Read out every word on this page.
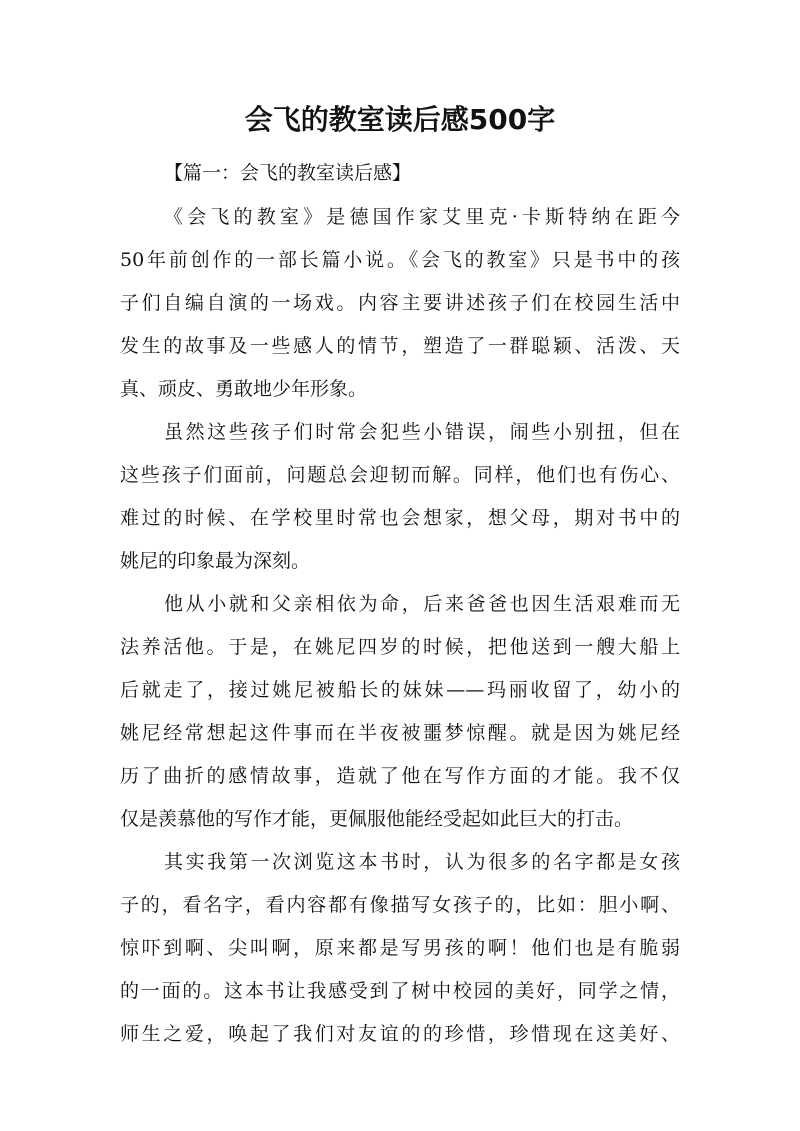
会飞的教室读后感500字
【篇一：会飞的教室读后感】

《会飞的教室》是德国作家艾里克·卡斯特纳在距今
50年前创作的一部长篇小说。《会飞的教室》只是书中的孩
子们自编自演的一场戏。内容主要讲述孩子们在校园生活中
发生的故事及一些感人的情节，塑造了一群聪颖、活泼、天
真、顽皮、勇敢地少年形象。

虽然这些孩子们时常会犯些小错误，闹些小别扭，但在
这些孩子们面前，问题总会迎韧而解。同样，他们也有伤心、
难过的时候、在学校里时常也会想家，想父母，期对书中的
姚尼的印象最为深刻。

他从小就和父亲相依为命，后来爸爸也因生活艰难而无
法养活他。于是，在姚尼四岁的时候，把他送到一艘大船上
后就走了，接过姚尼被船长的妹妹——玛丽收留了，幼小的
姚尼经常想起这件事而在半夜被噩梦惊醒。就是因为姚尼经
历了曲折的感情故事，造就了他在写作方面的才能。我不仅
仅是羡慕他的写作才能，更佩服他能经受起如此巨大的打击。

其实我第一次浏览这本书时，认为很多的名字都是女孩
子的，看名字，看内容都有像描写女孩子的，比如：胆小啊、
惊吓到啊、尖叫啊，原来都是写男孩的啊！他们也是有脆弱
的一面的。这本书让我感受到了树中校园的美好，同学之情，
师生之爱，唤起了我们对友谊的的珍惜，珍惜现在这美好、
